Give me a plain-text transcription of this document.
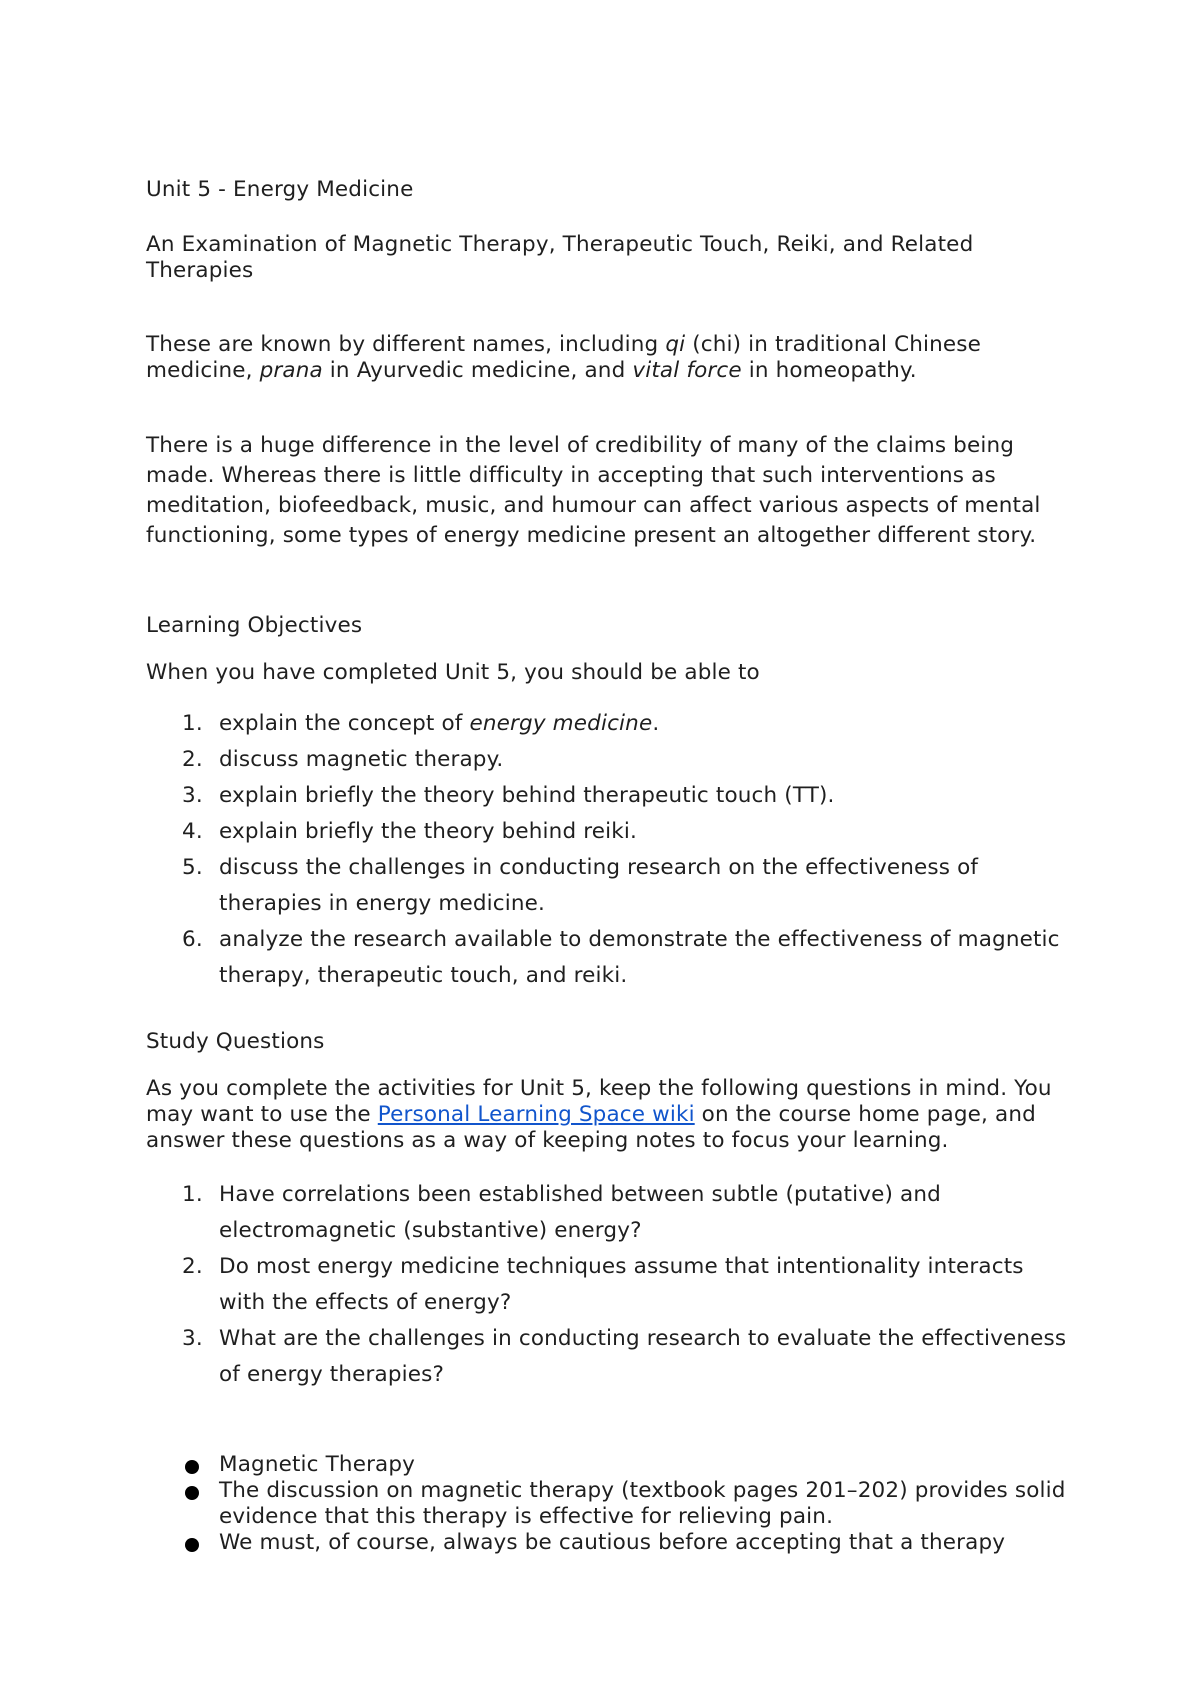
Unit 5 - Energy Medicine

An Examination of Magnetic Therapy, Therapeutic Touch, Reiki, and Related Therapies

These are known by different names, including qi (chi) in traditional Chinese medicine, prana in Ayurvedic medicine, and vital force in homeopathy.

There is a huge difference in the level of credibility of many of the claims being made. Whereas there is little difficulty in accepting that such interventions as meditation, biofeedback, music, and humour can affect various aspects of mental functioning, some types of energy medicine present an altogether different story.

Learning Objectives

When you have completed Unit 5, you should be able to

1. explain the concept of energy medicine.
2. discuss magnetic therapy.
3. explain briefly the theory behind therapeutic touch (TT).
4. explain briefly the theory behind reiki.
5. discuss the challenges in conducting research on the effectiveness of therapies in energy medicine.
6. analyze the research available to demonstrate the effectiveness of magnetic therapy, therapeutic touch, and reiki.

Study Questions

As you complete the activities for Unit 5, keep the following questions in mind. You may want to use the Personal Learning Space wiki on the course home page, and answer these questions as a way of keeping notes to focus your learning.

1. Have correlations been established between subtle (putative) and electromagnetic (substantive) energy?
2. Do most energy medicine techniques assume that intentionality interacts with the effects of energy?
3. What are the challenges in conducting research to evaluate the effectiveness of energy therapies?
Magnetic Therapy
The discussion on magnetic therapy (textbook pages 201–202) provides solid evidence that this therapy is effective for relieving pain.
We must, of course, always be cautious before accepting that a therapy
